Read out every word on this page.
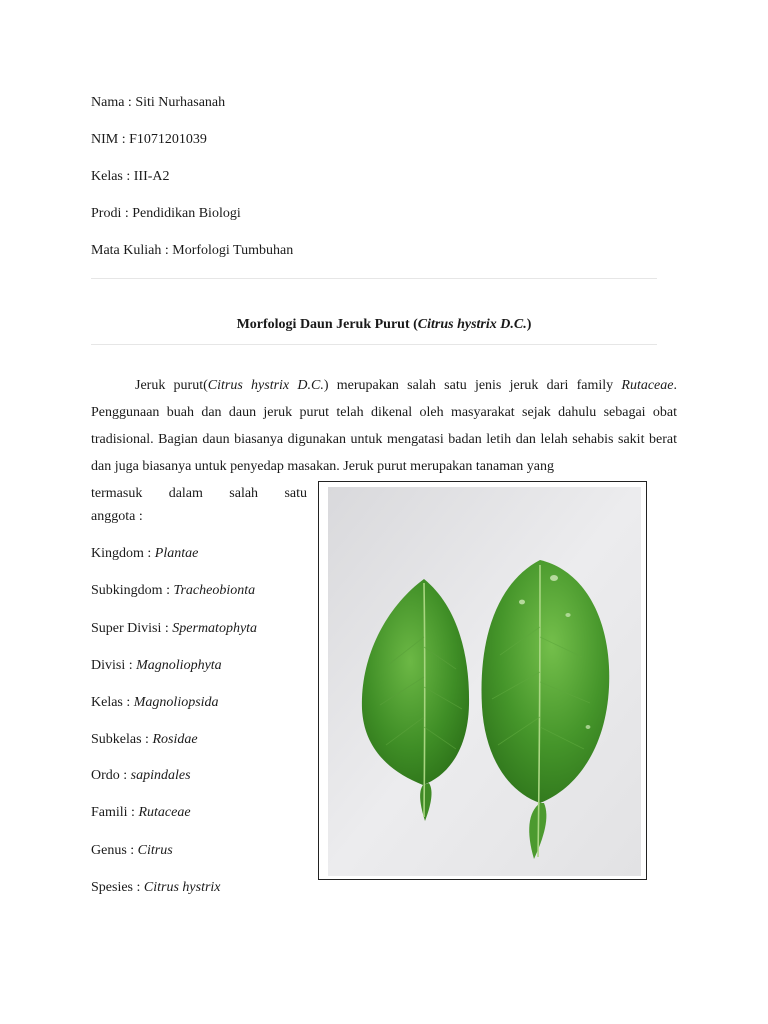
Nama : Siti Nurhasanah
NIM : F1071201039
Kelas : III-A2
Prodi : Pendidikan Biologi
Mata Kuliah : Morfologi Tumbuhan
Morfologi Daun Jeruk Purut (Citrus hystrix D.C.)

Jeruk purut(Citrus hystrix D.C.) merupakan salah satu jenis jeruk dari family Rutaceae. Penggunaan buah dan daun jeruk purut telah dikenal oleh masyarakat sejak dahulu sebagai obat tradisional. Bagian daun biasanya digunakan untuk mengatasi badan letih dan lelah sehabis sakit berat dan juga biasanya untuk penyedap masakan. Jeruk purut merupakan tanaman yang

termasuk dalam salah satu

anggota :
Kingdom : Plantae
Subkingdom : Tracheobionta
Super Divisi : Spermatophyta
Divisi : Magnoliophyta
Kelas : Magnoliopsida
Subkelas : Rosidae
Ordo : sapindales
Famili : Rutaceae
Genus : Citrus
Spesies : Citrus hystrix
